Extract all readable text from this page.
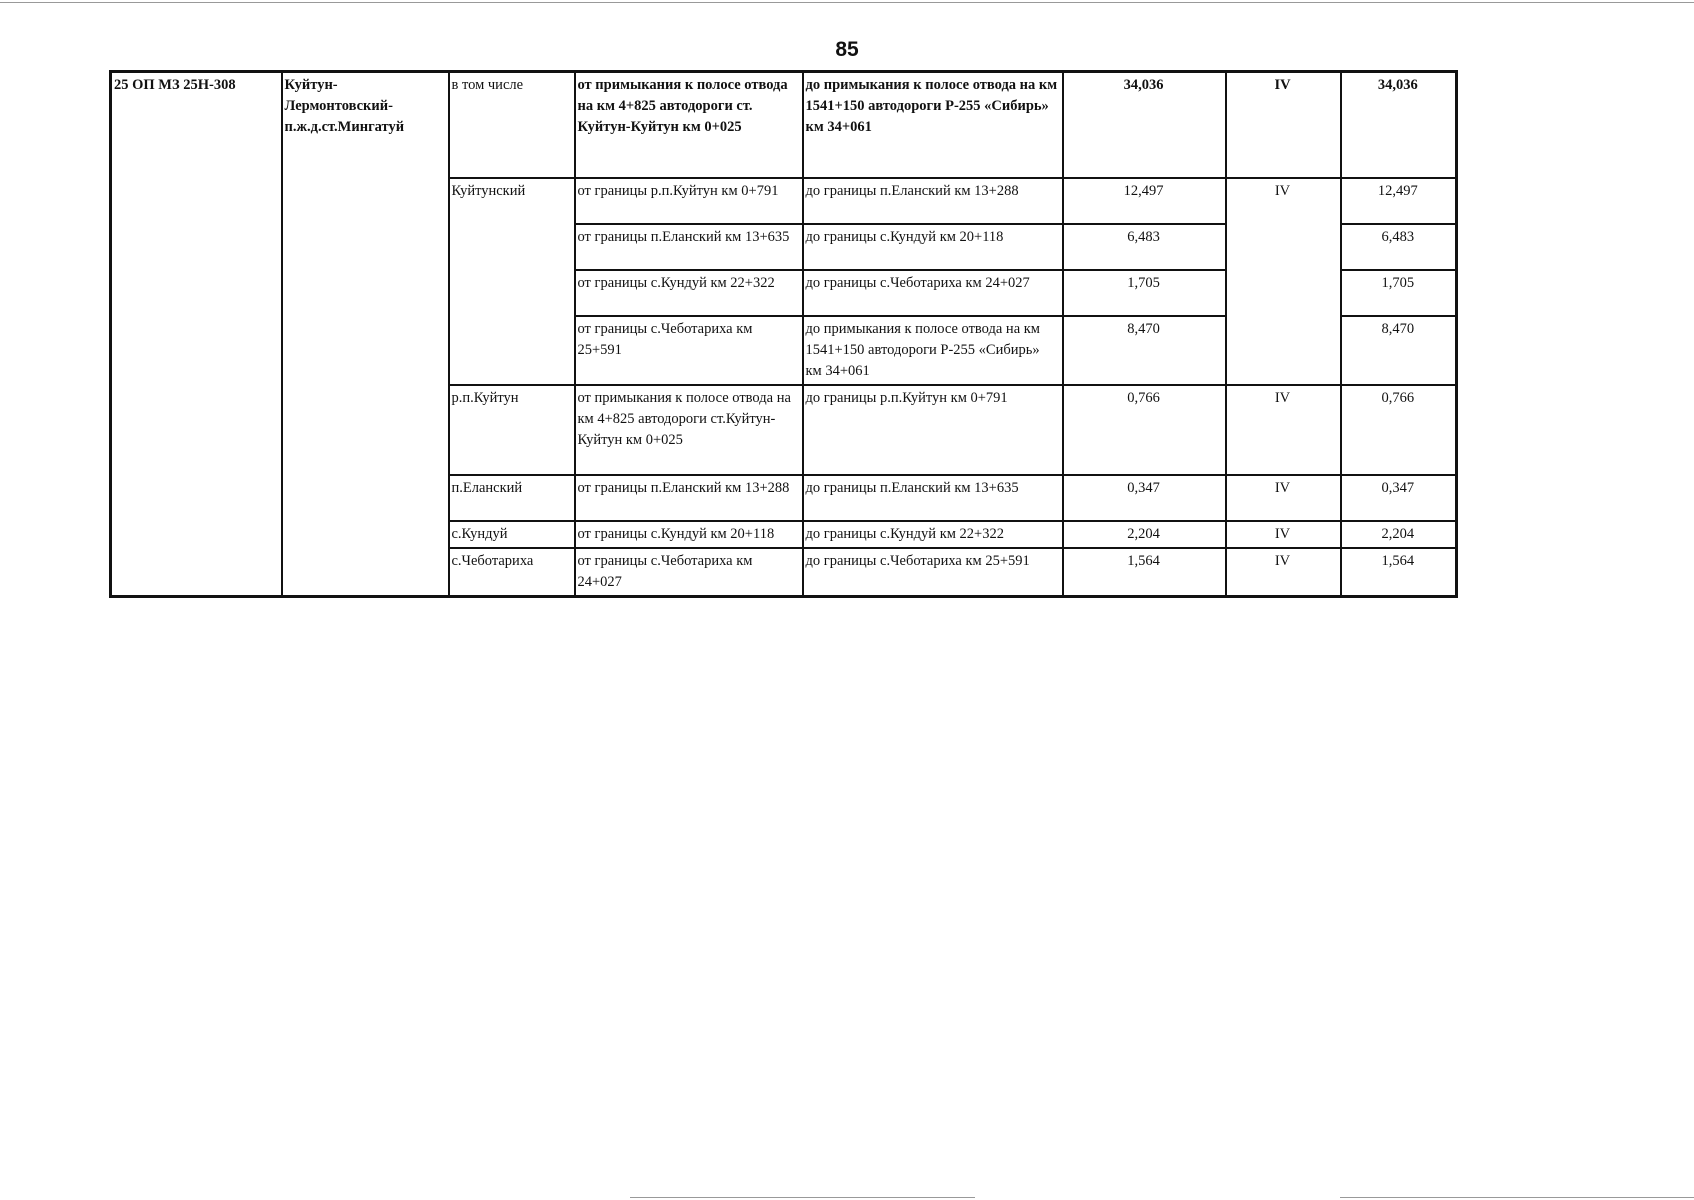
85
25 ОП МЗ 25Н-308	Куйтун-Лермонтовский-п.ж.д.ст.Мингатуй	в том числе	от примыкания к полосе отвода на км 4+825 автодороги ст. Куйтун-Куйтун км 0+025	до примыкания к полосе отвода на км 1541+150 автодороги Р-255 «Сибирь» км 34+061	34,036	IV	34,036
		Куйтунский	от границы р.п.Куйтун км 0+791	до границы п.Еланский км 13+288	12,497	IV	12,497
			от границы п.Еланский км 13+635	до границы с.Кундуй км 20+118	6,483		6,483
			от границы с.Кундуй км 22+322	до границы с.Чеботариха км 24+027	1,705		1,705
			от границы с.Чеботариха км 25+591	до примыкания к полосе отвода на км 1541+150 автодороги Р-255 «Сибирь» км 34+061	8,470		8,470
		р.п.Куйтун	от примыкания к полосе отвода на км 4+825 автодороги ст.Куйтун-Куйтун км 0+025	до границы р.п.Куйтун км 0+791	0,766	IV	0,766
		п.Еланский	от границы п.Еланский км 13+288	до границы п.Еланский км 13+635	0,347	IV	0,347
		с.Кундуй	от границы с.Кундуй км 20+118	до границы с.Кундуй км 22+322	2,204	IV	2,204
		с.Чеботариха	от границы с.Чеботариха км 24+027	до границы с.Чеботариха км 25+591	1,564	IV	1,564
